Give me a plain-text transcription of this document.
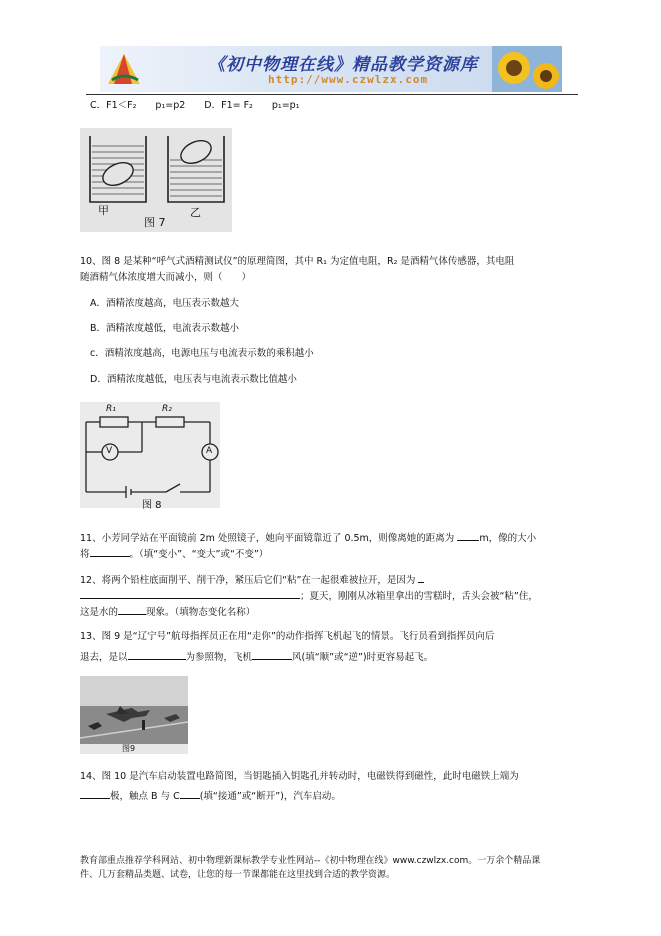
《初中物理在线》精品教学资源库
http://www.czwlzx.com
C．F1＜F₂　　p₁=p2　　D．F1= F₂　　p₁=p₁
甲	乙
图 7
10、图 8 是某种“呼气式酒精测试仪”的原理简图，其中 R₁ 为定值电阻，R₂ 是酒精气体传感器，其电阻
随酒精气体浓度增大而减小，则（　　）
A．酒精浓度越高，电压表示数越大
B．酒精浓度越低，电流表示数越小
c．酒精浓度越高，电源电压与电流表示数的乘积越小
D．酒精浓度越低，电压表与电流表示数比值越小
R₁	R₂
V	A
图 8
11、小芳同学站在平面镜前 2m 处照镜子，她向平面镜靠近了 0.5m，则像离她的距离为	m，像的大小
将	。（填“变小”、“变大”或“不变”）
12、将两个铅柱底面削平、削干净，紧压后它们“粘”在一起很难被拉开，是因为
；夏天，刚刚从冰箱里拿出的雪糕时，舌头会被“粘”住，
这是水的	现象。（填物态变化名称）
13、图 9 是“辽宁号”航母指挥员正在用“走你”的动作指挥飞机起飞的情景。飞行员看到指挥员向后
退去，是以	为参照物，飞机	风(填“顺”或“逆”)时更容易起飞。
图9
14、图 10 是汽车启动装置电路简图，当钥匙插入钥匙孔并转动时，电磁铁得到磁性，此时电磁铁上端为
极，触点 B 与 C (填“接通”或“断开”)，汽车启动。
教育部重点推荐学科网站、初中物理新课标教学专业性网站--《初中物理在线》www.czwlzx.com。一万余个精品课
件、几万套精品类题、试卷，让您的每一节课都能在这里找到合适的教学资源。
